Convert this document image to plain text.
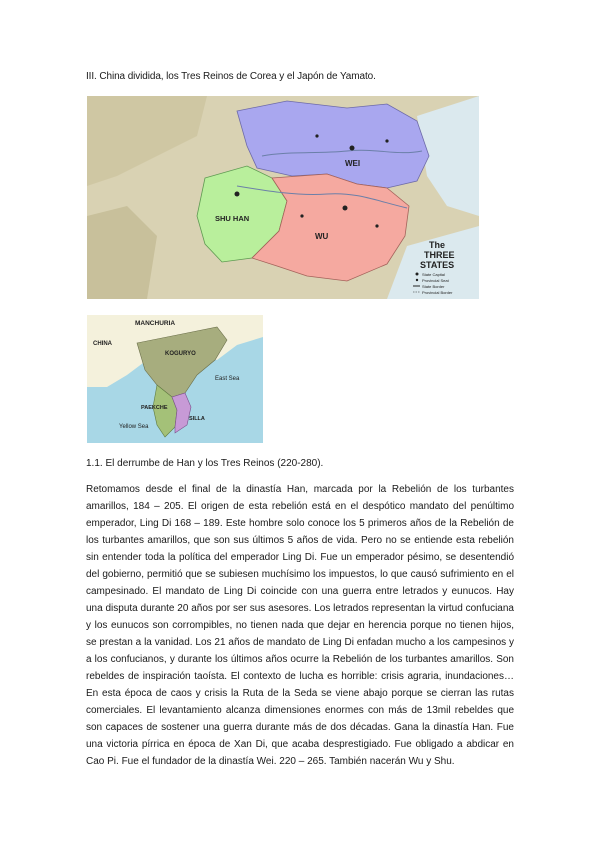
III. China dividida, los Tres Reinos de Corea y el Japón de Yamato.
WEI
SHU HAN
WU
The
THREE
STATES
State Capital
Provincial Seat
State Border
Provincial Border
MANCHURIA
CHINA
KOGURYO
East Sea
PAEKCHE
SILLA
Yellow Sea
1.1. El derrumbe de Han y los Tres Reinos (220-280).

Retomamos desde el final de la dinastía Han, marcada por la Rebelión de los turbantes amarillos, 184 – 205. El origen de esta rebelión está en el despótico mandato del penúltimo emperador, Ling Di 168 – 189. Este hombre solo conoce los 5 primeros años de la Rebelión de los turbantes amarillos, que son sus últimos 5 años de vida. Pero no se entiende esta rebelión sin entender toda la política del emperador Ling Di. Fue un emperador pésimo, se desentendió del gobierno, permitió que se subiesen muchísimo los impuestos, lo que causó sufrimiento en el campesinado. El mandato de Ling Di coincide con una guerra entre letrados y eunucos. Hay una disputa durante 20 años por ser sus asesores. Los letrados representan la virtud confuciana y los eunucos son corrompibles, no tienen nada que dejar en herencia porque no tienen hijos, se prestan a la vanidad. Los 21 años de mandato de Ling Di enfadan mucho a los campesinos y a los confucianos, y durante los últimos años ocurre la Rebelión de los turbantes amarillos. Son rebeldes de inspiración taoísta. El contexto de lucha es horrible: crisis agraria, inundaciones… En esta época de caos y crisis la Ruta de la Seda se viene abajo porque se cierran las rutas comerciales. El levantamiento alcanza dimensiones enormes con más de 13mil rebeldes que son capaces de sostener una guerra durante más de dos décadas. Gana la dinastía Han. Fue una victoria pírrica en época de Xan Di, que acaba desprestigiado. Fue obligado a abdicar en Cao Pi. Fue el fundador de la dinastía Wei. 220 – 265. También nacerán Wu y Shu.
